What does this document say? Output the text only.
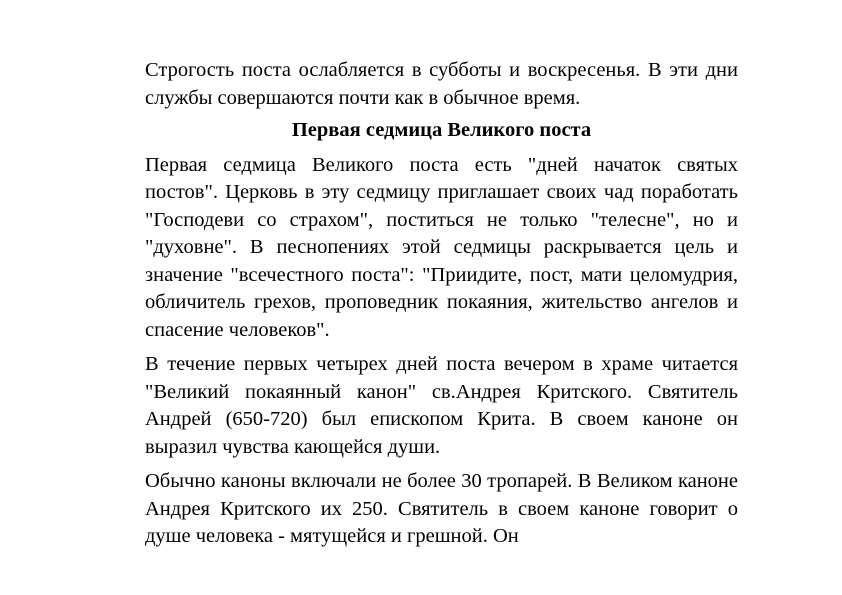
Строгость поста ослабляется в субботы и воскресенья. В эти дни службы совершаются почти как в обычное время.

Первая седмица Великого поста

Первая седмица Великого поста есть "дней начаток святых постов". Церковь в эту седмицу приглашает своих чад поработать "Господеви со страхом", поститься не только "телесне", но и "духовне". В песнопениях этой седмицы раскрывается цель и значение "всечестного поста": "Приидите, пост, мати целомудрия, обличитель грехов, проповедник покаяния, жительство ангелов и спасение человеков".

В течение первых четырех дней поста вечером в храме читается "Великий покаянный канон" св.Андрея Критского. Святитель Андрей (650-720) был епископом Крита. В своем каноне он выразил чувства кающейся души.

Обычно каноны включали не более 30 тропарей. В Великом каноне Андрея Критского их 250. Святитель в своем каноне говорит о душе человека - мятущейся и грешной. Он
